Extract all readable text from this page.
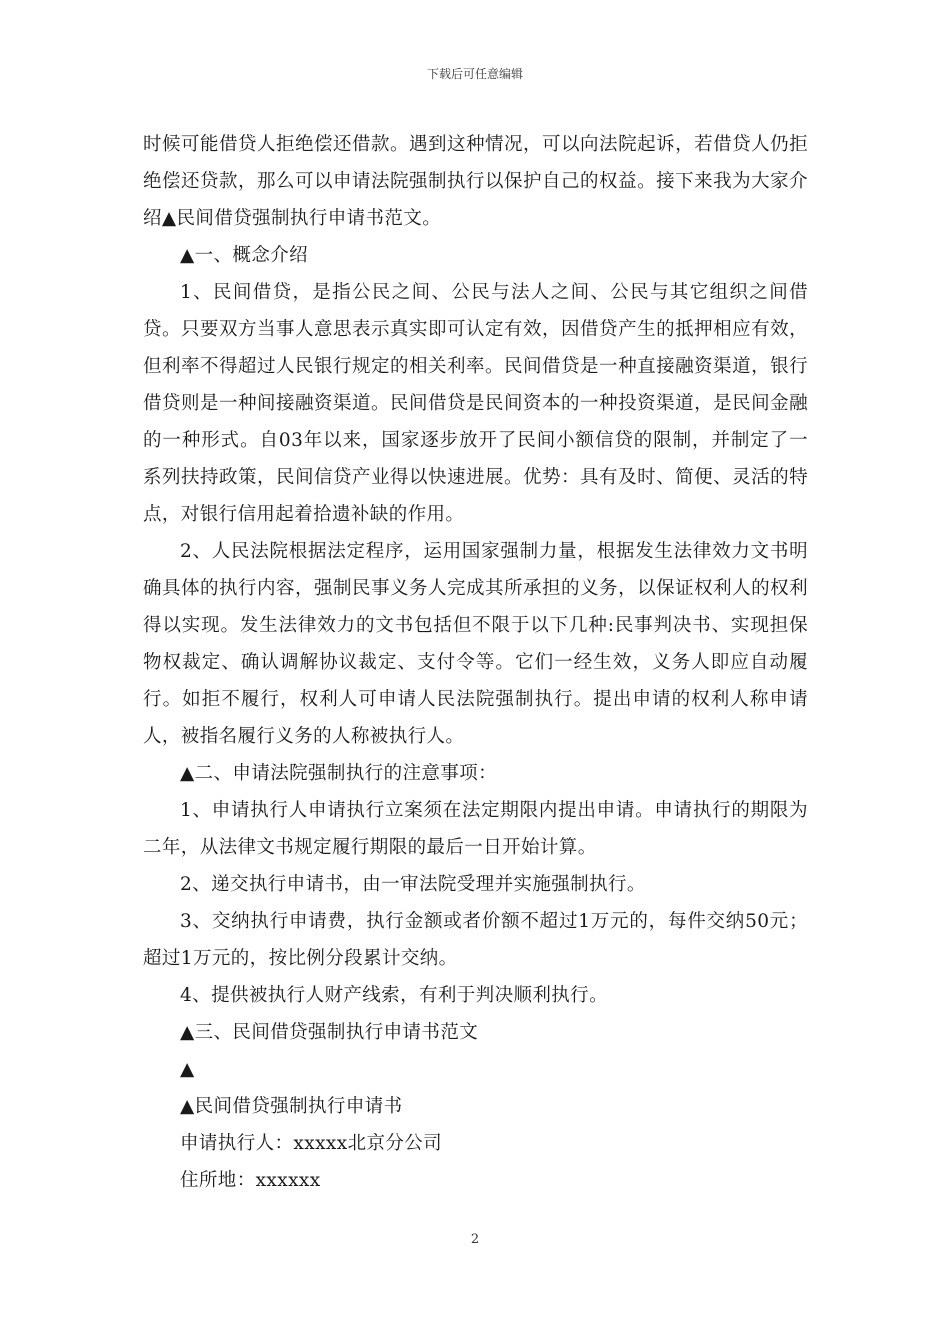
下载后可任意编辑

时候可能借贷人拒绝偿还借款。遇到这种情况，可以向法院起诉，若借贷人仍拒绝偿还贷款，那么可以申请法院强制执行以保护自己的权益。接下来我为大家介绍▲民间借贷强制执行申请书范文。

▲一、概念介绍

1、民间借贷，是指公民之间、公民与法人之间、公民与其它组织之间借贷。只要双方当事人意思表示真实即可认定有效，因借贷产生的抵押相应有效，但利率不得超过人民银行规定的相关利率。民间借贷是一种直接融资渠道，银行借贷则是一种间接融资渠道。民间借贷是民间资本的一种投资渠道，是民间金融的一种形式。自03年以来，国家逐步放开了民间小额信贷的限制，并制定了一系列扶持政策，民间信贷产业得以快速进展。优势：具有及时、简便、灵活的特点，对银行信用起着拾遗补缺的作用。

2、人民法院根据法定程序，运用国家强制力量，根据发生法律效力文书明确具体的执行内容，强制民事义务人完成其所承担的义务，以保证权利人的权利得以实现。发生法律效力的文书包括但不限于以下几种:民事判决书、实现担保物权裁定、确认调解协议裁定、支付令等。它们一经生效，义务人即应自动履行。如拒不履行，权利人可申请人民法院强制执行。提出申请的权利人称申请人，被指名履行义务的人称被执行人。

▲二、申请法院强制执行的注意事项：

1、申请执行人申请执行立案须在法定期限内提出申请。申请执行的期限为二年，从法律文书规定履行期限的最后一日开始计算。

2、递交执行申请书，由一审法院受理并实施强制执行。

3、交纳执行申请费，执行金额或者价额不超过1万元的，每件交纳50元；超过1万元的，按比例分段累计交纳。

4、提供被执行人财产线索，有利于判决顺利执行。

▲三、民间借贷强制执行申请书范文

▲

▲民间借贷强制执行申请书

申请执行人：xxxxx北京分公司

住所地：xxxxxx

2
